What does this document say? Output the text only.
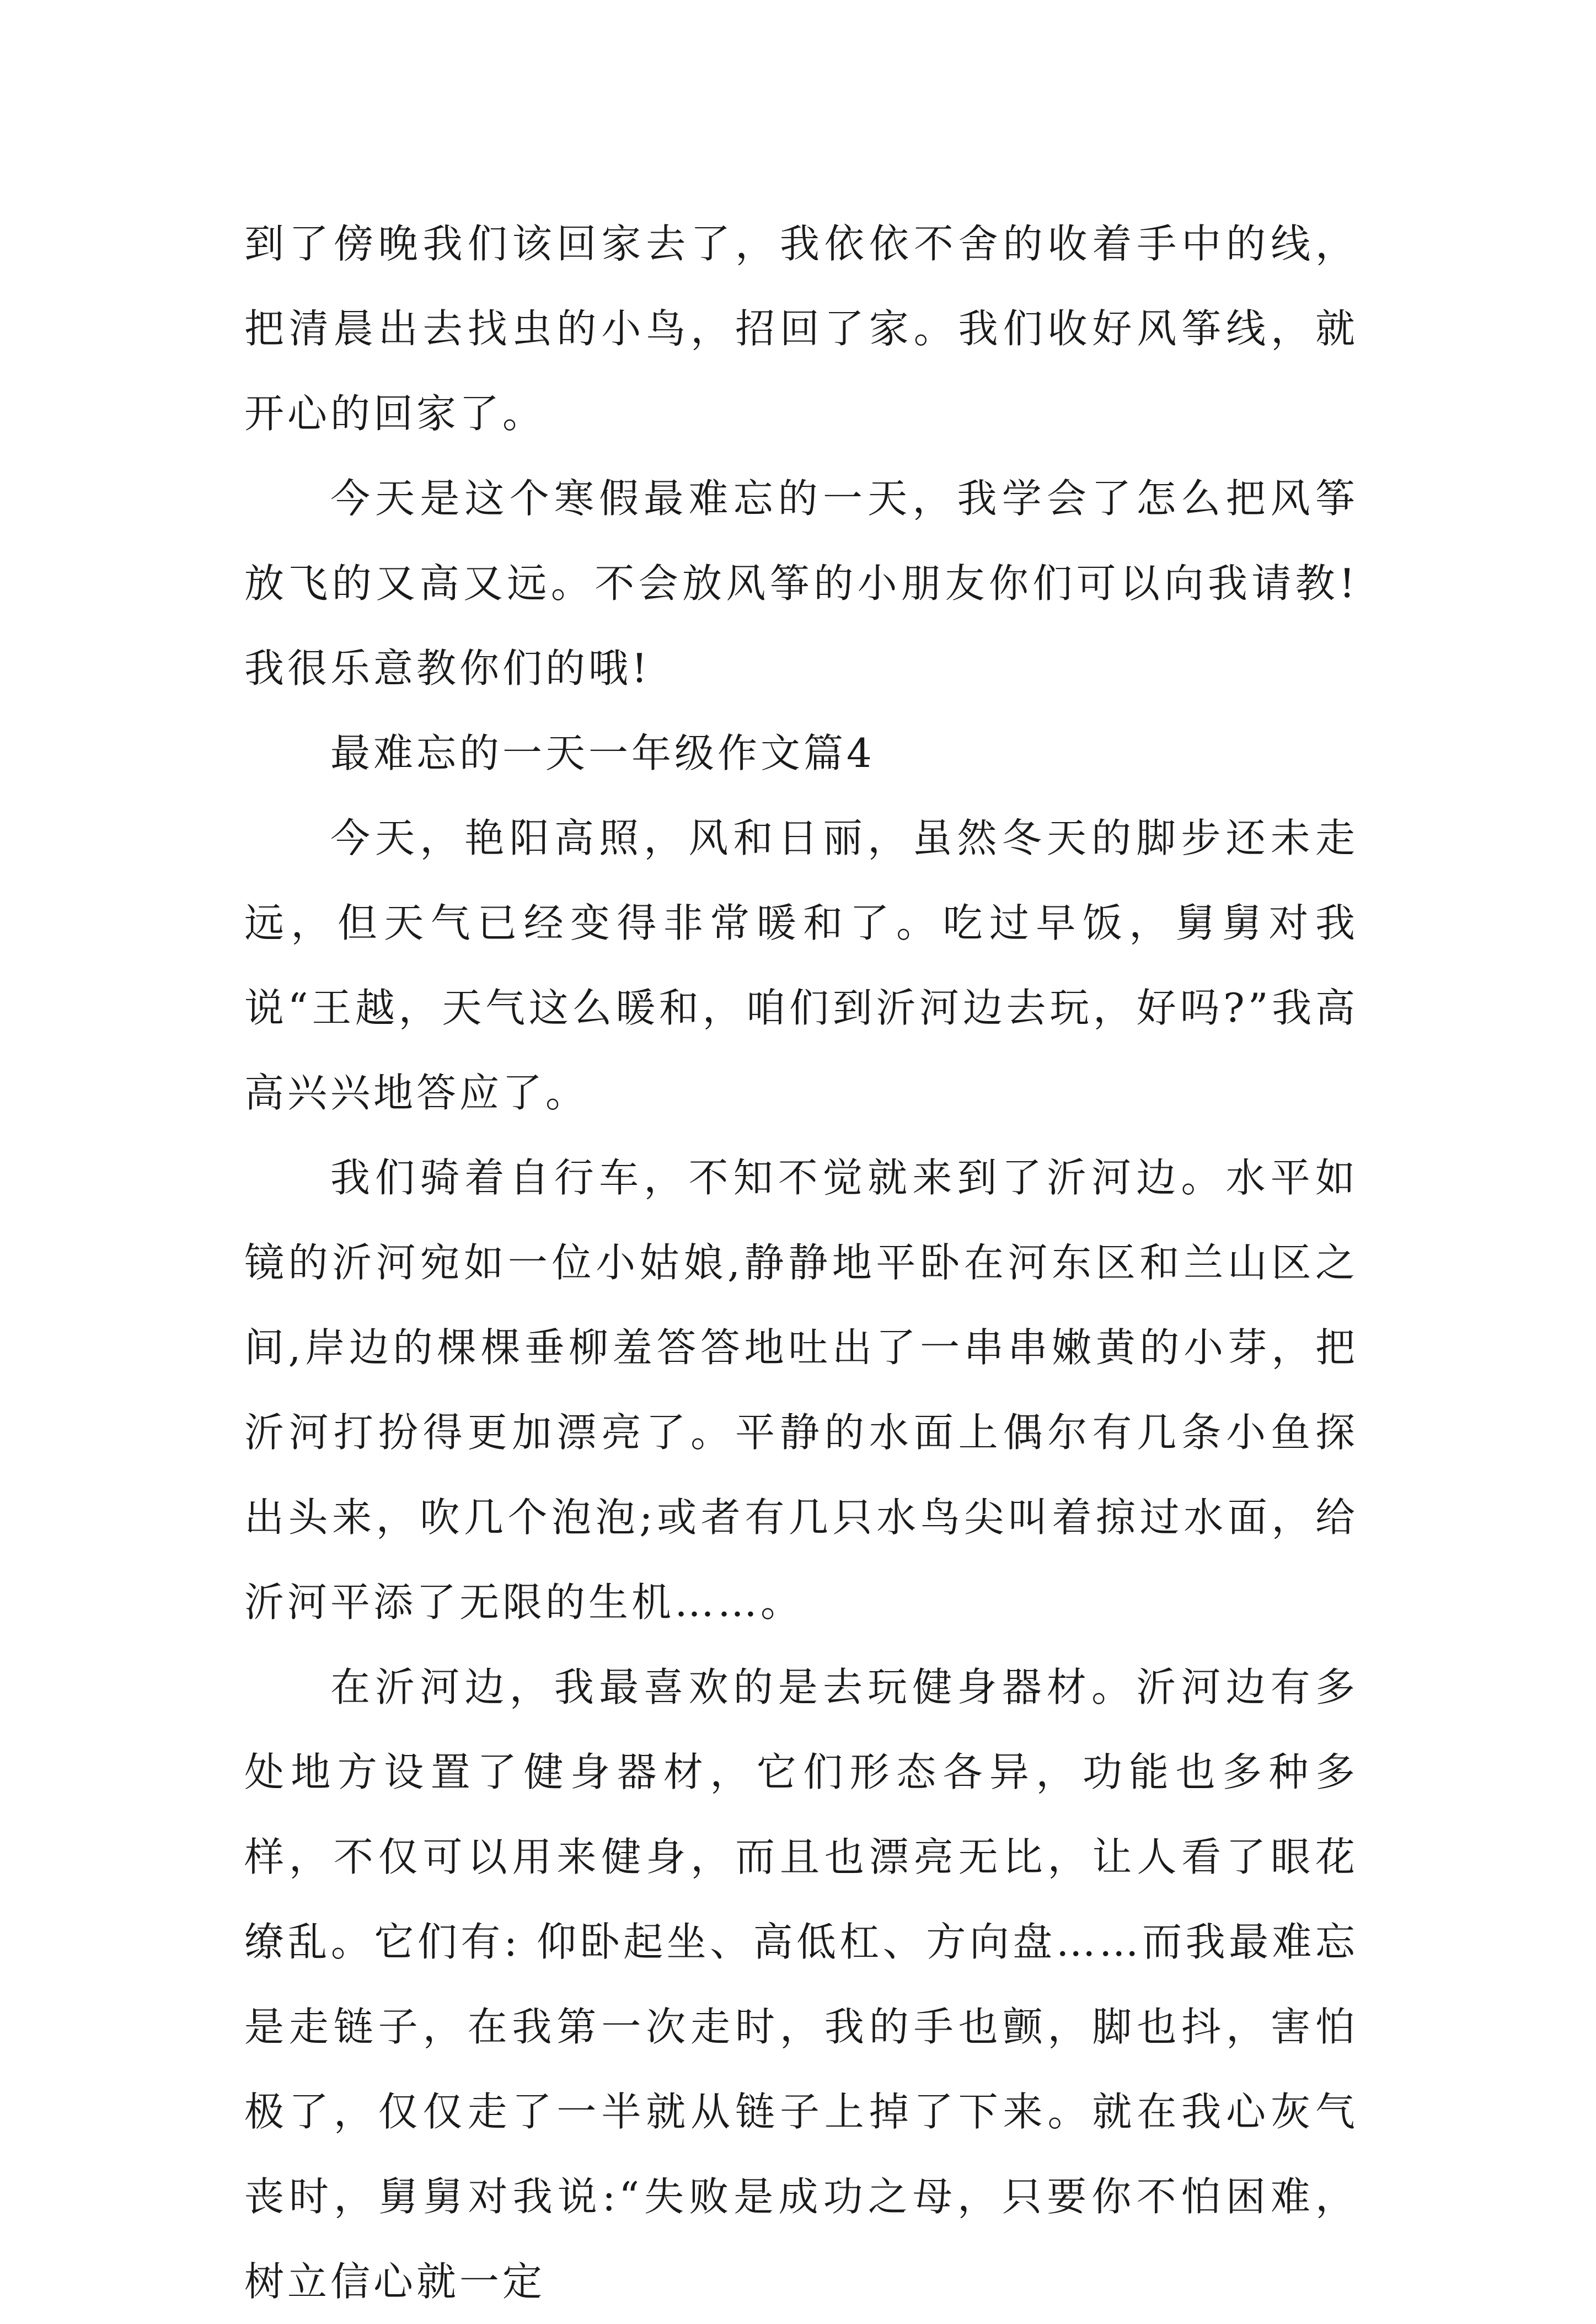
到了傍晚我们该回家去了，我依依不舍的收着手中的线，把清晨出去找虫的小鸟，招回了家。我们收好风筝线，就开心的回家了。

今天是这个寒假最难忘的一天，我学会了怎么把风筝放飞的又高又远。不会放风筝的小朋友你们可以向我请教!我很乐意教你们的哦!

最难忘的一天一年级作文篇4

今天，艳阳高照，风和日丽，虽然冬天的脚步还未走远，但天气已经变得非常暖和了。吃过早饭，舅舅对我说“王越，天气这么暖和，咱们到沂河边去玩，好吗?”我高高兴兴地答应了。

我们骑着自行车，不知不觉就来到了沂河边。水平如镜的沂河宛如一位小姑娘,静静地平卧在河东区和兰山区之间,岸边的棵棵垂柳羞答答地吐出了一串串嫩黄的小芽，把沂河打扮得更加漂亮了。平静的水面上偶尔有几条小鱼探出头来，吹几个泡泡;或者有几只水鸟尖叫着掠过水面，给沂河平添了无限的生机……。

在沂河边，我最喜欢的是去玩健身器材。沂河边有多处地方设置了健身器材，它们形态各异，功能也多种多样，不仅可以用来健身，而且也漂亮无比，让人看了眼花缭乱。它们有: 仰卧起坐、高低杠、方向盘……而我最难忘是走链子，在我第一次走时，我的手也颤，脚也抖，害怕极了，仅仅走了一半就从链子上掉了下来。就在我心灰气丧时，舅舅对我说:“失败是成功之母，只要你不怕困难，树立信心就一定
